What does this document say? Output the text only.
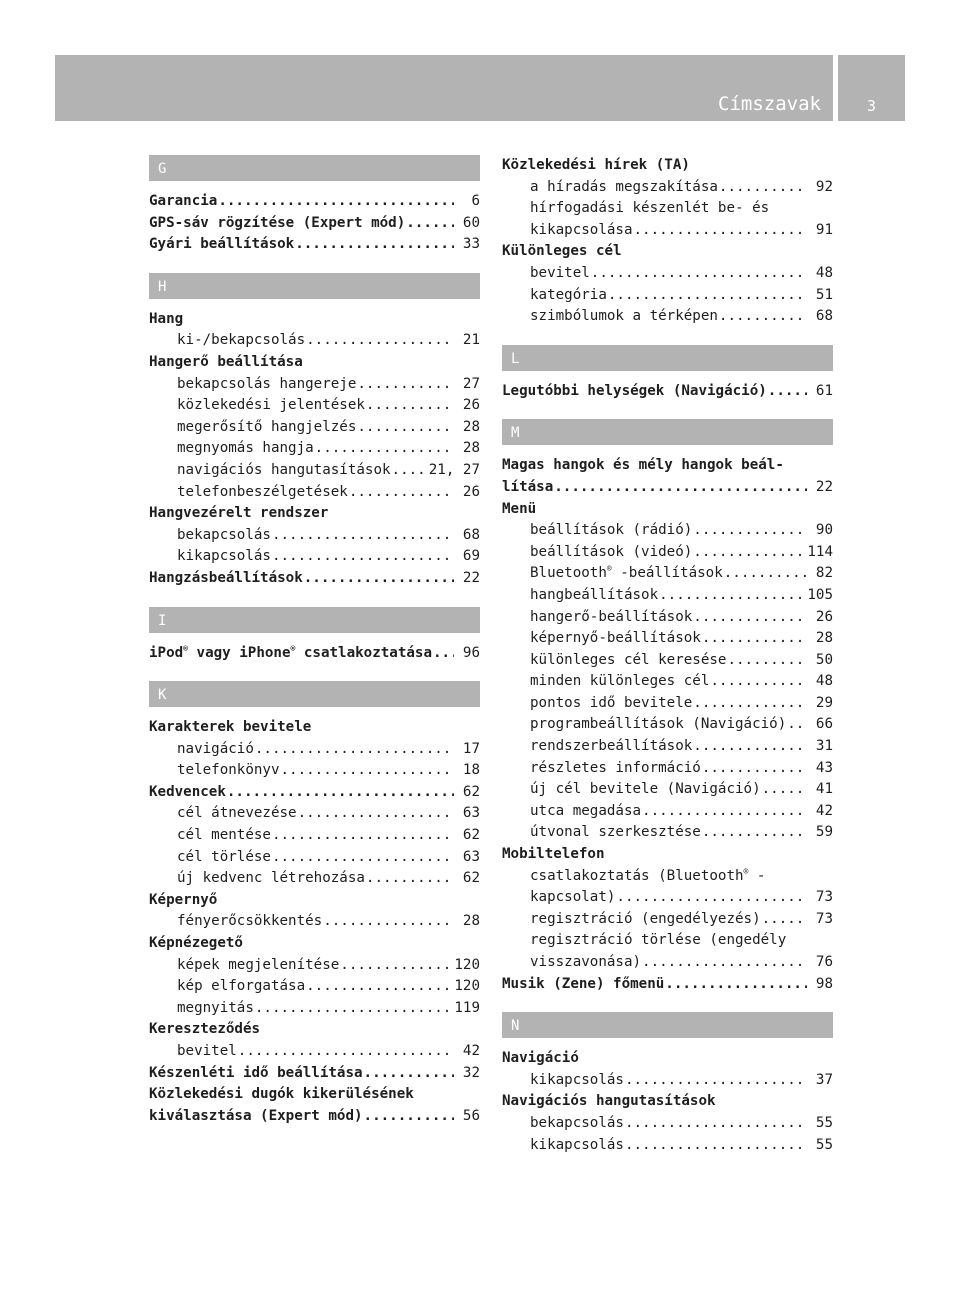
Címszavak	3
G
Garancia .....	6
GPS-sáv rögzítése (Expert mód) .....	60
Gyári beállítások .....	33
H
Hang
ki-/bekapcsolás .....	21
Hangerő beállítása
bekapcsolás hangereje .....	27
közlekedési jelentések .....	26
megerősítő hangjelzés .....	28
megnyomás hangja .....	28
navigációs hangutasítások .....	21, 27
telefonbeszélgetések .....	26
Hangvezérelt rendszer
bekapcsolás .....	68
kikapcsolás .....	69
Hangzásbeállítások .....	22
I
iPod® vagy iPhone® csatlakoztatása .....	96
K
Karakterek bevitele
navigáció .....	17
telefonkönyv .....	18
Kedvencek .....	62
cél átnevezése .....	63
cél mentése .....	62
cél törlése .....	63
új kedvenc létrehozása .....	62
Képernyő
fényerőcsökkentés .....	28
Képnézegető
képek megjelenítése .....	120
kép elforgatása .....	120
megnyitás .....	119
Kereszteződés
bevitel .....	42
Készenléti idő beállítása .....	32
Közlekedési dugók kikerülésének
kiválasztása (Expert mód) .....	56
Közlekedési hírek (TA)
a híradás megszakítása .....	92
hírfogadási készenlét be- és
kikapcsolása .....	91
Különleges cél
bevitel .....	48
kategória .....	51
szimbólumok a térképen .....	68
L
Legutóbbi helységek (Navigáció) .....	61
M
Magas hangok és mély hangok beál-
lítása .....	22
Menü
beállítások (rádió) .....	90
beállítások (videó) .....	114
Bluetooth® -beállítások .....	82
hangbeállítások .....	105
hangerő-beállítások .....	26
képernyő-beállítások .....	28
különleges cél keresése .....	50
minden különleges cél .....	48
pontos idő bevitele .....	29
programbeállítások (Navigáció) .....	66
rendszerbeállítások .....	31
részletes információ .....	43
új cél bevitele (Navigáció) .....	41
utca megadása .....	42
útvonal szerkesztése .....	59
Mobiltelefon
csatlakoztatás (Bluetooth® -
kapcsolat) .....	73
regisztráció (engedélyezés) .....	73
regisztráció törlése (engedély
visszavonása) .....	76
Musik (Zene) főmenü .....	98
N
Navigáció
kikapcsolás .....	37
Navigációs hangutasítások
bekapcsolás .....	55
kikapcsolás .....	55
